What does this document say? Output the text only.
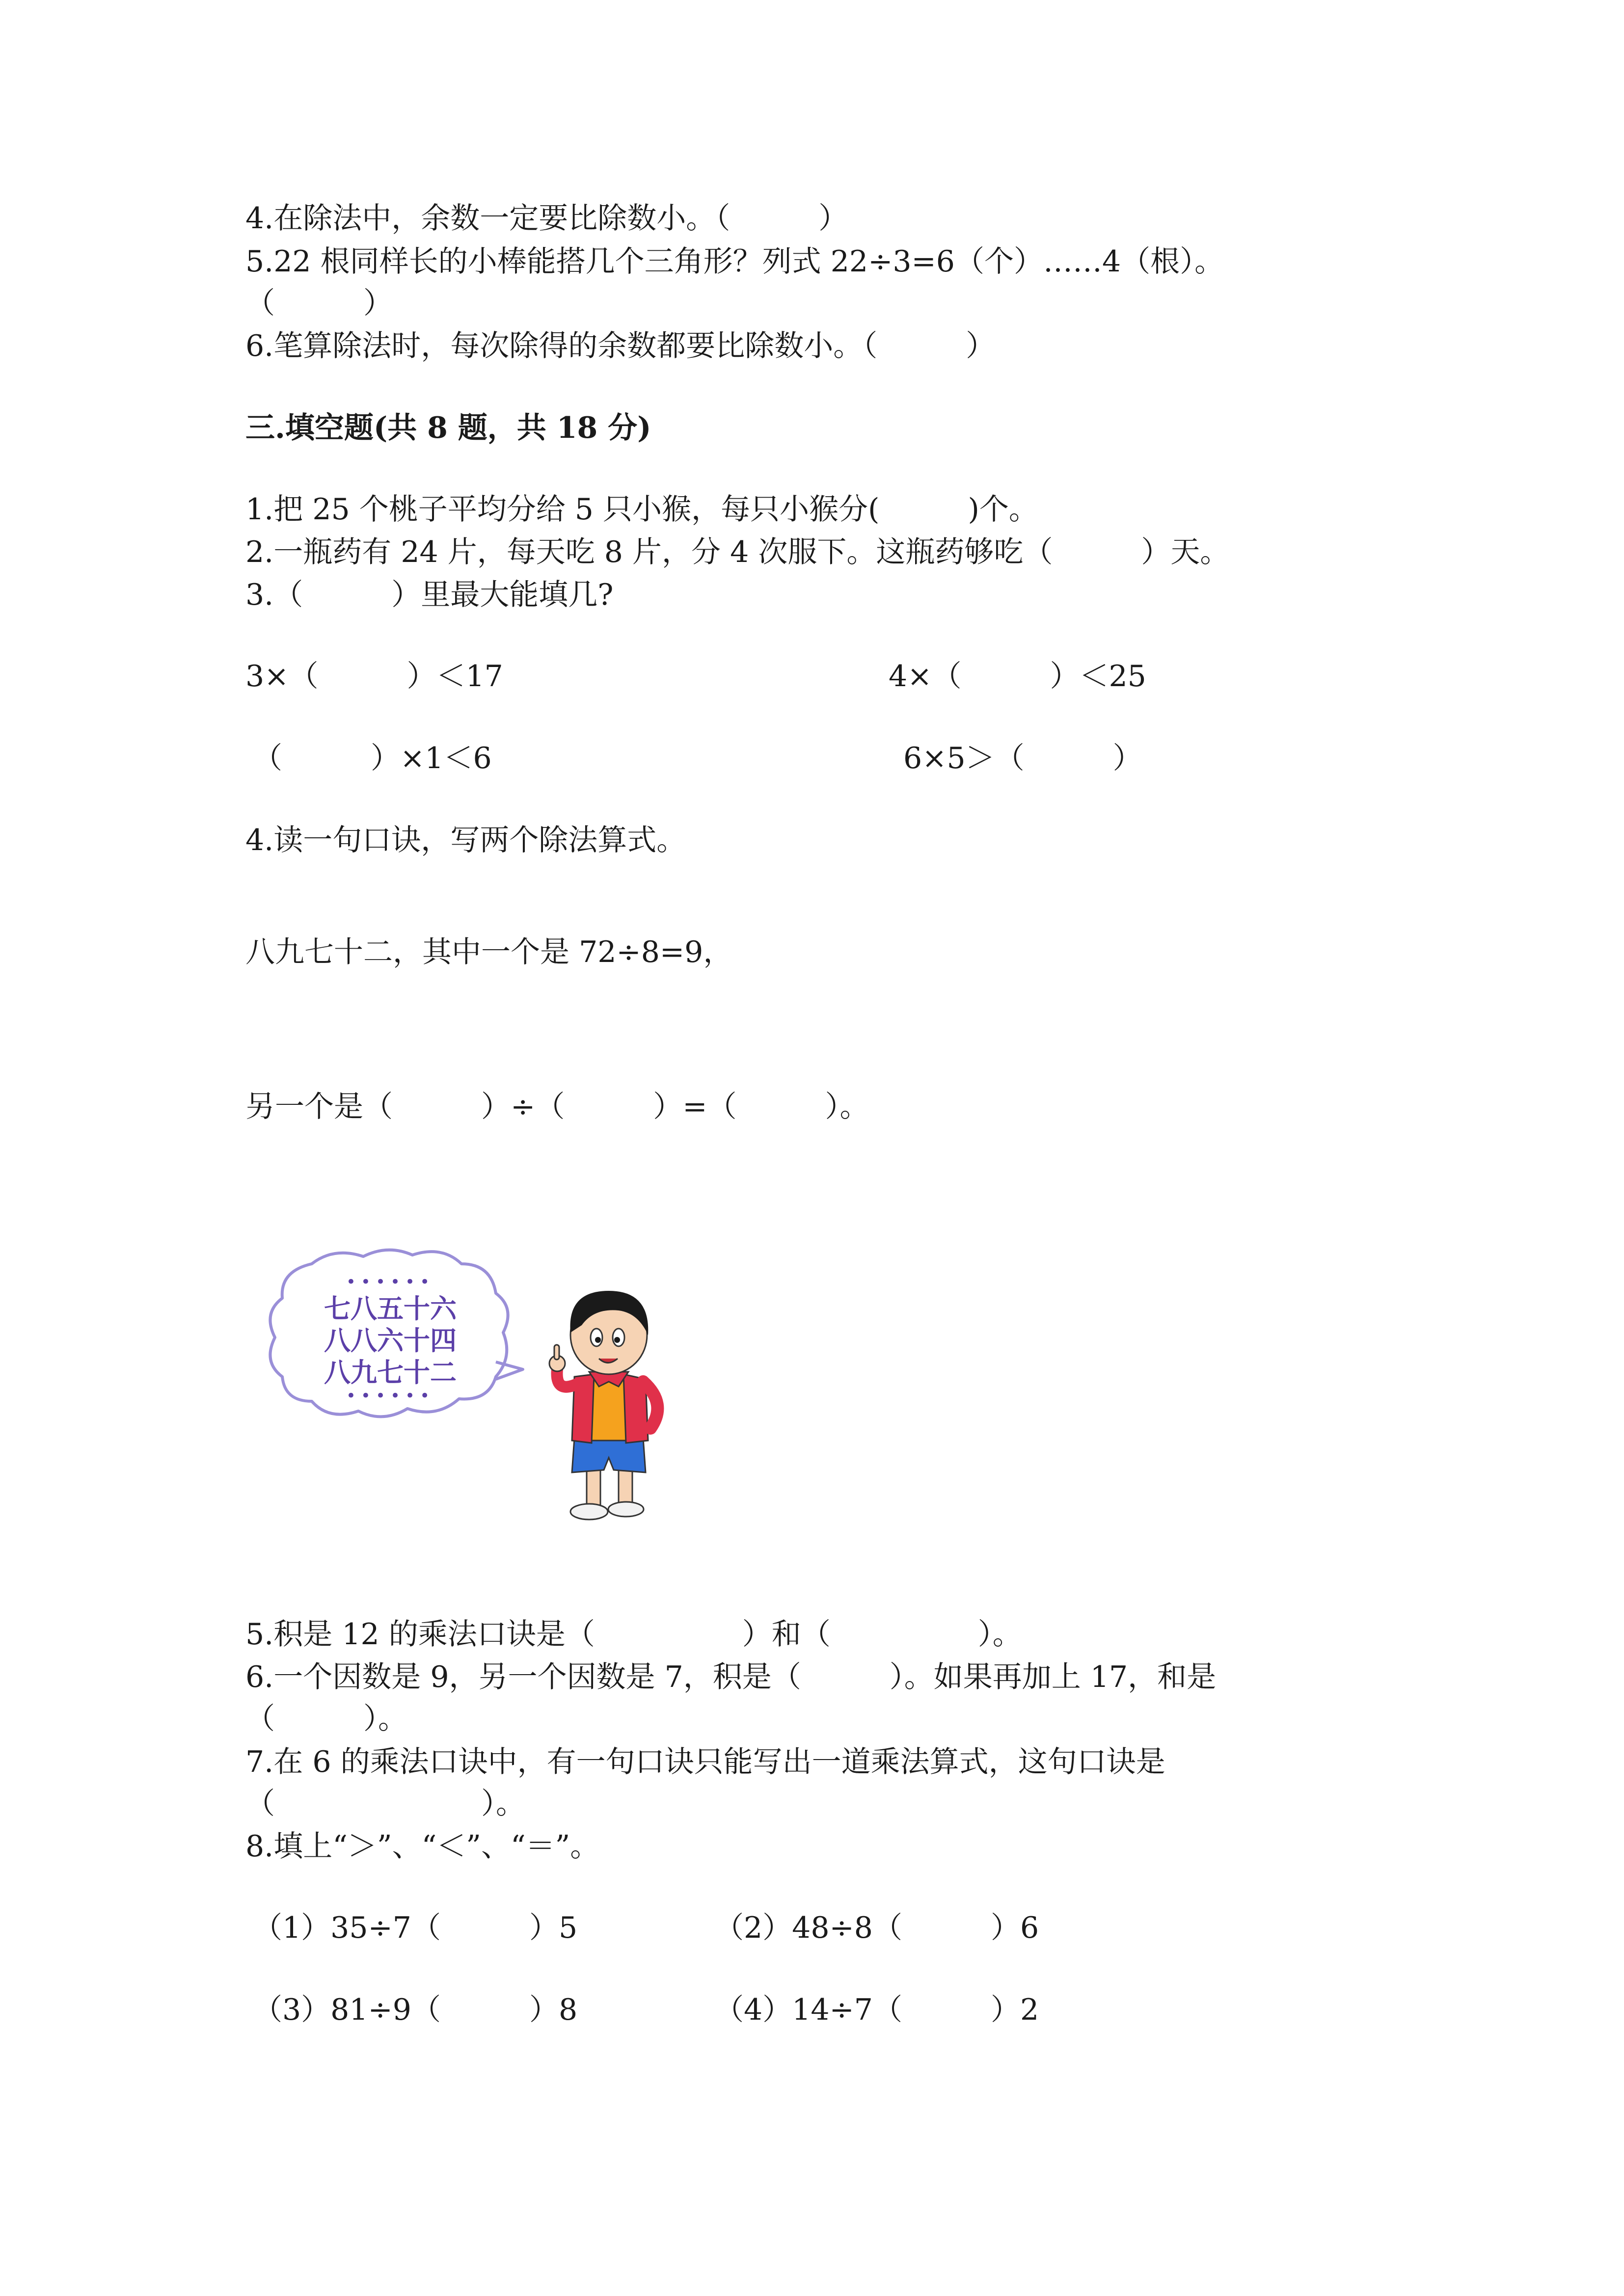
4.在除法中，余数一定要比除数小。（　　　）
5.22 根同样长的小棒能搭几个三角形？列式 22÷3=6（个）……4（根）。
（　　　）
6.笔算除法时，每次除得的余数都要比除数小。（　　　）
三.填空题(共 8 题，共 18 分)
1.把 25 个桃子平均分给 5 只小猴，每只小猴分(　　　)个。
2.一瓶药有 24 片，每天吃 8 片，分 4 次服下。这瓶药够吃（　　　）天。
3.（　　　）里最大能填几?
3×（　　　）＜17	4×（　　　）＜25
（　　　）×1＜6	6×5＞（　　　）
4.读一句口诀，写两个除法算式。
八九七十二，其中一个是 72÷8=9，
另一个是（　　　）÷（　　　）=（　　　）。
••••••
七八五十六
八八六十四
八九七十二
••••••
5.积是 12 的乘法口诀是（　　　　　）和（　　　　　）。
6.一个因数是 9，另一个因数是 7，积是（　　　）。如果再加上 17，和是
（　　　）。
7.在 6 的乘法口诀中，有一句口诀只能写出一道乘法算式，这句口诀是
（　　　　　　　）。
8.填上“＞”、“＜”、“＝”。
（1）35÷7（　　　）5	（2）48÷8（　　　）6
（3）81÷9（　　　）8	（4）14÷7（　　　）2
